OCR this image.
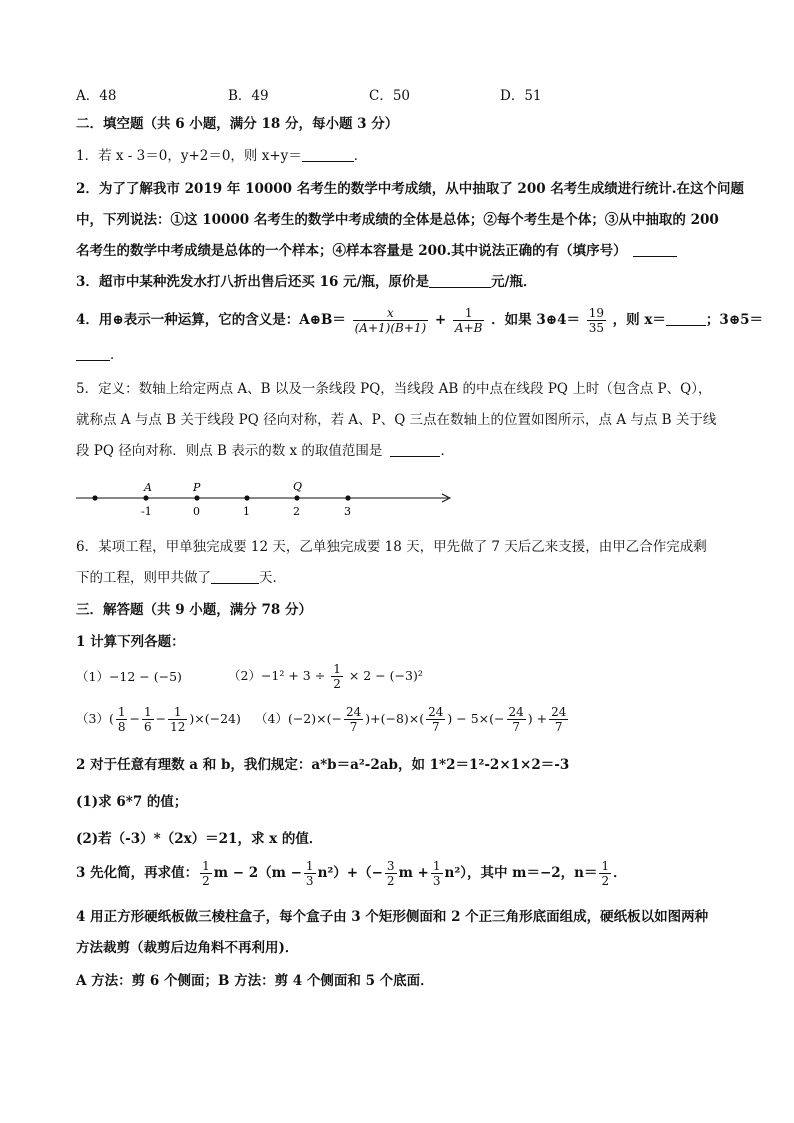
A．48	B．49	C．50	D．51
二．填空题（共 6 小题，满分 18 分，每小题 3 分）
1．若 x - 3＝0，y+2＝0，则 x+y＝	．
2．为了了解我市 2019 年 10000 名考生的数学中考成绩，从中抽取了 200 名考生成绩进行统计.在这个问题
中，下列说法：①这 10000 名考生的数学中考成绩的全体是总体；②每个考生是个体；③从中抽取的 200
名考生的数学中考成绩是总体的一个样本；④样本容量是 200.其中说法正确的有（填序号）
3．超市中某种洗发水打八折出售后还买 16 元/瓶，原价是	元/瓶．
4．用⊕表示一种运算，它的含义是：A⊕B＝ $\frac{x}{(A+1)(B+1)} + \frac{1}{A+B}$ ．如果 3⊕4＝ $\frac{19}{35}$ ，则 x＝	；3⊕5＝
．
5．定义：数轴上给定两点 A、B 以及一条线段 PQ，当线段 AB 的中点在线段 PQ 上时（包含点 P、Q），
就称点 A 与点 B 关于线段 PQ 径向对称，若 A、P、Q 三点在数轴上的位置如图所示，点 A 与点 B 关于线
段 PQ 径向对称．则点 B 表示的数 x 的取值范围是	．
A	P	Q
-1	0	1	2	3
6．某项工程，甲单独完成要 12 天，乙单独完成要 18 天，甲先做了 7 天后乙来支援，由甲乙合作完成剩
下的工程，则甲共做了	天．
三．解答题（共 9 小题，满分 78 分）
1 计算下列各题：
（1）−12 − (−5)	$(2)-1^2 + 3 \div \frac{1}{2} \times 2 - (-3)^2$
$(3)( \frac{1}{8} - \frac{1}{6} - \frac{1}{12} )\times(-24)$ $(4)(-2)\times(- \frac{24}{7} )+(-8)\times( \frac{24}{7}$ ) − $5\times(- \frac{24}{7}$ ) + $\frac{24}{7}$
2 对于任意有理数 a 和 b，我们规定：a*b＝a²-2ab，如 1*2＝1²-2×1×2＝-3
(1)求 6*7 的值；
(2)若（-3）*（2x）＝21，求 x 的值．
3 先化简，再求值： $\frac{1}{2}$ $m - 2(m - \frac{1}{3} n^2)+(- \frac{3}{2}$ $m + \frac{1}{3} n^2$），其中 m＝−2，$n= \frac{1}{2}$ ．
4 用正方形硬纸板做三棱柱盒子，每个盒子由 3 个矩形侧面和 2 个正三角形底面组成，硬纸板以如图两种
方法裁剪（裁剪后边角料不再利用)．
A 方法：剪 6 个侧面；B 方法：剪 4 个侧面和 5 个底面．
